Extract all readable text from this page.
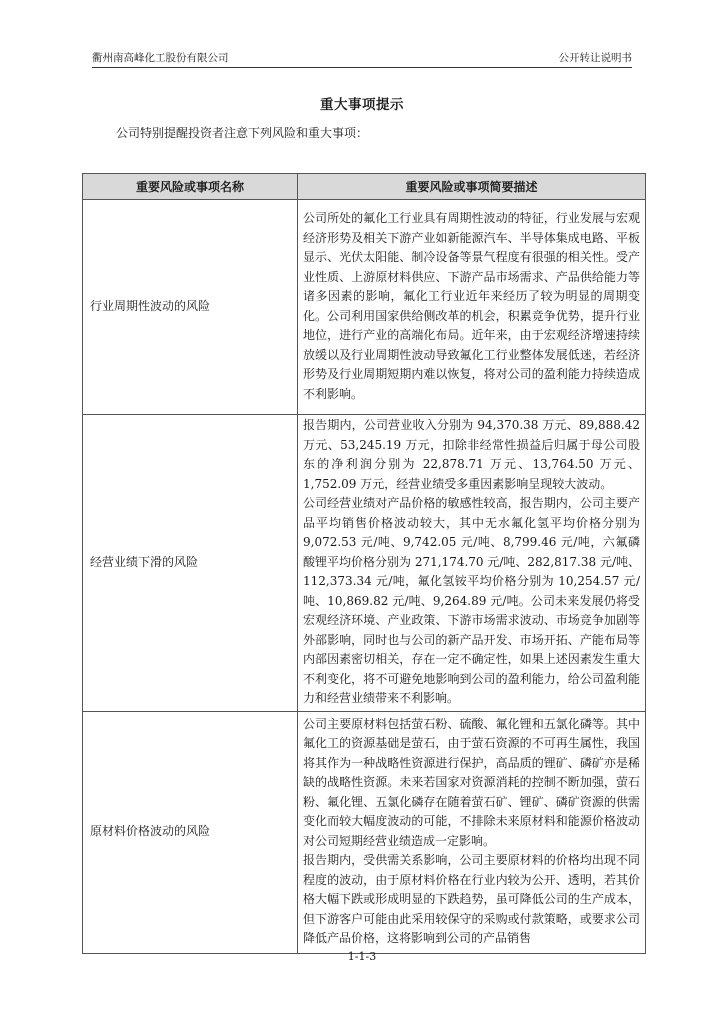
衢州南高峰化工股份有限公司	公开转让说明书
重大事项提示
公司特别提醒投资者注意下列风险和重大事项：
重要风险或事项名称	重要风险或事项简要描述
行业周期性波动的风险	公司所处的氟化工行业具有周期性波动的特征，行业发展与宏观经济形势及相关下游产业如新能源汽车、半导体集成电路、平板显示、光伏太阳能、制冷设备等景气程度有很强的相关性。受产业性质、上游原材料供应、下游产品市场需求、产品供给能力等诸多因素的影响，氟化工行业近年来经历了较为明显的周期变化。公司利用国家供给侧改革的机会，积累竞争优势，提升行业地位，进行产业的高端化布局。近年来，由于宏观经济增速持续放缓以及行业周期性波动导致氟化工行业整体发展低迷，若经济形势及行业周期短期内难以恢复，将对公司的盈利能力持续造成不利影响。

经营业绩下滑的风险	报告期内，公司营业收入分别为 94,370.38 万元、89,888.42 万元、53,245.19 万元，扣除非经常性损益后归属于母公司股东的净利润分别为 22,878.71 万元、13,764.50 万元、1,752.09 万元，经营业绩受多重因素影响呈现较大波动。

公司经营业绩对产品价格的敏感性较高，报告期内，公司主要产品平均销售价格波动较大，其中无水氟化氢平均价格分别为 9,072.53 元/吨、9,742.05 元/吨、8,799.46 元/吨，六氟磷酸锂平均价格分别为 271,174.70 元/吨、282,817.38 元/吨、112,373.34 元/吨，氟化氢铵平均价格分别为 10,254.57 元/吨、10,869.82 元/吨、9,264.89 元/吨。公司未来发展仍将受宏观经济环境、产业政策、下游市场需求波动、市场竞争加剧等外部影响，同时也与公司的新产品开发、市场开拓、产能布局等内部因素密切相关，存在一定不确定性，如果上述因素发生重大不利变化，将不可避免地影响到公司的盈利能力，给公司盈利能力和经营业绩带来不利影响。

原材料价格波动的风险	公司主要原材料包括萤石粉、硫酸、氟化锂和五氯化磷等。其中氟化工的资源基础是萤石，由于萤石资源的不可再生属性，我国将其作为一种战略性资源进行保护，高品质的锂矿、磷矿亦是稀缺的战略性资源。未来若国家对资源消耗的控制不断加强，萤石粉、氟化锂、五氯化磷存在随着萤石矿、锂矿、磷矿资源的供需变化而较大幅度波动的可能，不排除未来原材料和能源价格波动对公司短期经营业绩造成一定影响。

报告期内，受供需关系影响，公司主要原材料的价格均出现不同程度的波动，由于原材料价格在行业内较为公开、透明，若其价格大幅下跌或形成明显的下跌趋势，虽可降低公司的生产成本，但下游客户可能由此采用较保守的采购或付款策略，或要求公司降低产品价格，这将影响到公司的产品销售

1-1-3
